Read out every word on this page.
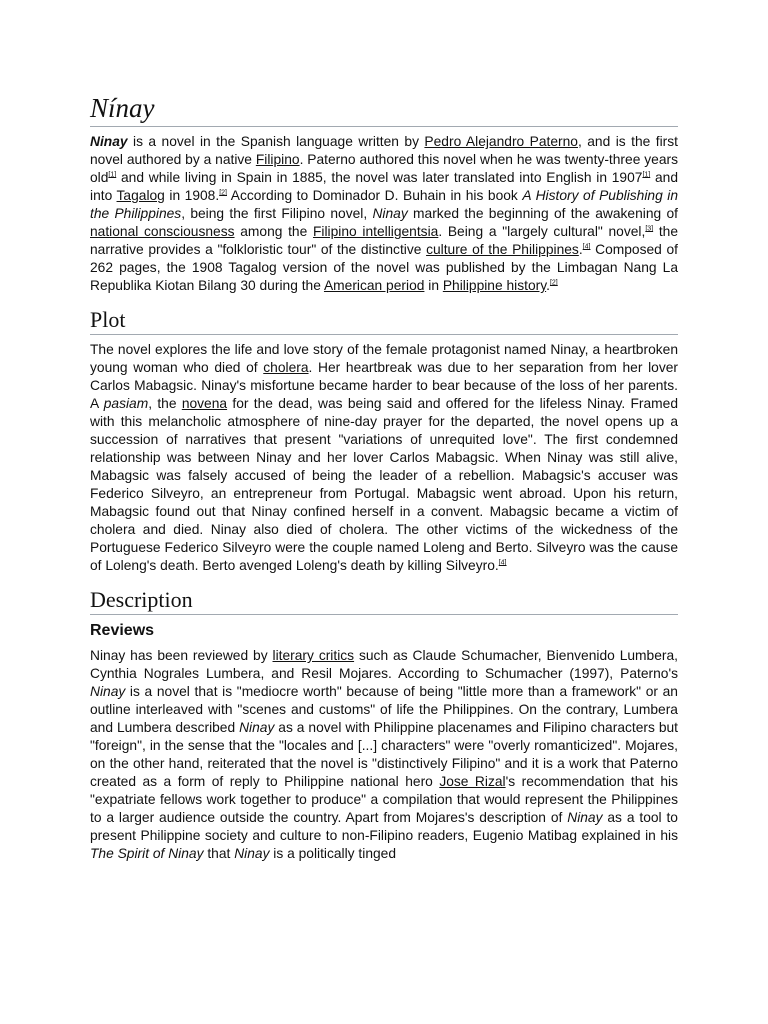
Nínay

Ninay is a novel in the Spanish language written by Pedro Alejandro Paterno, and is the first novel authored by a native Filipino. Paterno authored this novel when he was twenty-three years old[1] and while living in Spain in 1885, the novel was later translated into English in 1907[1] and into Tagalog in 1908.[2] According to Dominador D. Buhain in his book A History of Publishing in the Philippines, being the first Filipino novel, Ninay marked the beginning of the awakening of national consciousness among the Filipino intelligentsia. Being a "largely cultural" novel,[3] the narrative provides a "folkloristic tour" of the distinctive culture of the Philippines.[4] Composed of 262 pages, the 1908 Tagalog version of the novel was published by the Limbagan Nang La Republika Kiotan Bilang 30 during the American period in Philippine history.[2]

Plot

The novel explores the life and love story of the female protagonist named Ninay, a heartbroken young woman who died of cholera. Her heartbreak was due to her separation from her lover Carlos Mabagsic. Ninay's misfortune became harder to bear because of the loss of her parents. A pasiam, the novena for the dead, was being said and offered for the lifeless Ninay. Framed with this melancholic atmosphere of nine-day prayer for the departed, the novel opens up a succession of narratives that present "variations of unrequited love". The first condemned relationship was between Ninay and her lover Carlos Mabagsic. When Ninay was still alive, Mabagsic was falsely accused of being the leader of a rebellion. Mabagsic's accuser was Federico Silveyro, an entrepreneur from Portugal. Mabagsic went abroad. Upon his return, Mabagsic found out that Ninay confined herself in a convent. Mabagsic became a victim of cholera and died. Ninay also died of cholera. The other victims of the wickedness of the Portuguese Federico Silveyro were the couple named Loleng and Berto. Silveyro was the cause of Loleng's death. Berto avenged Loleng's death by killing Silveyro.[4]

Description
Reviews

Ninay has been reviewed by literary critics such as Claude Schumacher, Bienvenido Lumbera, Cynthia Nograles Lumbera, and Resil Mojares. According to Schumacher (1997), Paterno's Ninay is a novel that is "mediocre worth" because of being "little more than a framework" or an outline interleaved with "scenes and customs" of life the Philippines. On the contrary, Lumbera and Lumbera described Ninay as a novel with Philippine placenames and Filipino characters but "foreign", in the sense that the "locales and [...] characters" were "overly romanticized". Mojares, on the other hand, reiterated that the novel is "distinctively Filipino" and it is a work that Paterno created as a form of reply to Philippine national hero Jose Rizal's recommendation that his "expatriate fellows work together to produce" a compilation that would represent the Philippines to a larger audience outside the country. Apart from Mojares's description of Ninay as a tool to present Philippine society and culture to non-Filipino readers, Eugenio Matibag explained in his The Spirit of Ninay that Ninay is a politically tinged
